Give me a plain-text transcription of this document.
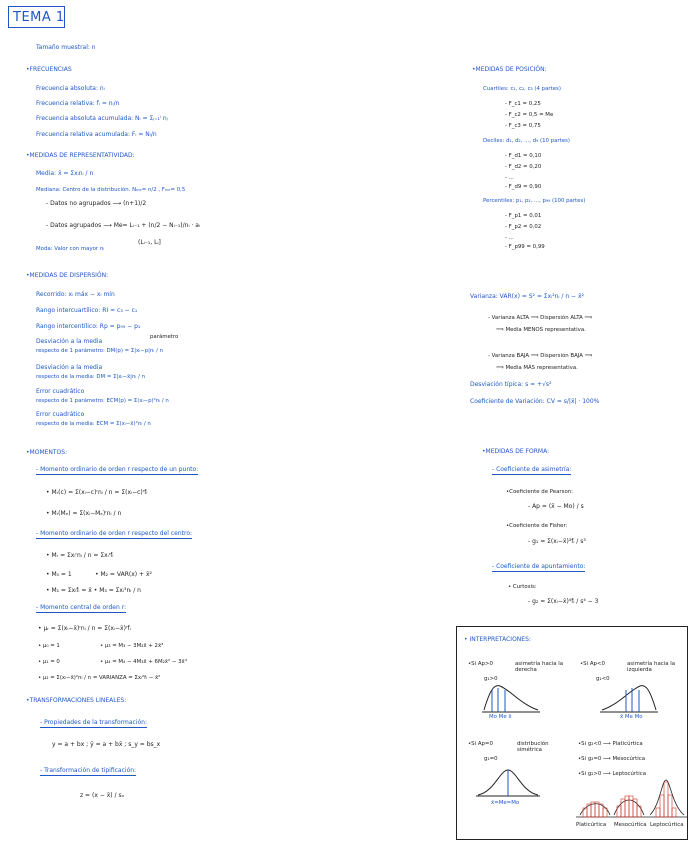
TEMA 1
Tamaño muestral: n
•FRECUENCIAS
Frecuencia absoluta: nᵢ
Frecuencia relativa: fᵢ = nᵢ/n
Frecuencia absoluta acumulada: Nᵢ = Σⱼ₌₁ⁱ nⱼ
Frecuencia relativa acumulada: Fᵢ = Nᵢ/n
•MEDIDAS DE REPRESENTATIVIDAD:
Media: x̄ = Σxᵢnᵢ / n
Mediana: Centro de la distribución. Nₘₑ= n/2 , Fₘₑ= 0,5
- Datos no agrupados ⟶ (n+1)/2
- Datos agrupados ⟶ Me= Lᵢ₋₁ + (n/2 − Nᵢ₋₁)/nᵢ · aᵢ
(Lᵢ₋₁, Lᵢ]
Moda: Valor con mayor nᵢ
•MEDIDAS DE DISPERSIÓN:
Recorrido: xᵢ máx − xᵢ mín
Rango intercuartílico: RI = c₃ − c₁
Rango intercentílico: Rp = p₉₉ − p₁
parámetro
Desviación a la media
respecto de 1 parámetro: DM(p) = Σ|xᵢ−p|nᵢ / n
Desviación a la media
respecto de la media: DM = Σ|xᵢ−x̄|nᵢ / n
Error cuadrático
respecto de 1 parámetro: ECM(p) = Σ(xᵢ−p)²nᵢ / n
Error cuadrático
respecto de la media: ECM = Σ(xᵢ−x̄)²nᵢ / n
•MOMENTOS:
- Momento ordinario de orden r respecto de un punto:
• Mᵣ(c) = Σ(xᵢ−c)ʳnᵢ / n = Σ(xᵢ−c)ʳfᵢ
• Mᵣ(Mₑ) = Σ(xᵢ−Mₑ)ʳnᵢ / n
- Momento ordinario de orden r respecto del centro:
• Mᵣ = Σxᵢʳnᵢ / n = Σxᵢʳfᵢ
• M₀ = 1	• M₂ = VAR(x) + x̄²
• M₁ = Σxᵢfᵢ = x̄ • M₃ = Σxᵢ³nᵢ / n
- Momento central de orden r:
• μᵣ = Σ(xᵢ−x̄)ʳnᵢ / n = Σ(xᵢ−x̄)ʳfᵢ
• μ₀ = 1	• μ₃ = M₃ − 3M₂x̄ + 2x̄³
• μ₁ = 0	• μ₄ = M₄ − 4M₃x̄ + 6M₂x̄² − 3x̄⁴
• μ₂ = Σ(xᵢ−x̄)²nᵢ / n = VARIANZA = Σxᵢ²fᵢ − x̄²
•TRANSFORMACIONES LINEALES:
- Propiedades de la transformación:
y = a + bx ; ȳ = a + bx̄ ; s_y = bs_x
- Transformación de tipificación:
z = (x − x̄) / sₓ
•MEDIDAS DE POSICIÓN:
Cuartiles: c₁, c₂, c₃ (4 partes)
- F_c1 = 0,25
- F_c2 = 0,5 = Me
- F_c3 = 0,75
Deciles: d₁, d₂, ..., d₉ (10 partes)
- F_d1 = 0,10
- F_d2 = 0,20
- ...
- F_d9 = 0,90
Percentiles: p₁, p₂, ..., p₉₉ (100 partes)
- F_p1 = 0,01
- F_p2 = 0,02
- ...
- F_p99 = 0,99
Varianza: VAR(x) = S² = Σxᵢ²nᵢ / n − x̄²
- Varianza ALTA ⟹ Dispersión ALTA ⟹
⟹ Media MENOS representativa.
- Varianza BAJA ⟹ Dispersión BAJA ⟹
⟹ Media MÁS representativa.
Desviación típica: s = +√s²
Coeficiente de Variación: CV = s/|x̄| · 100%
•MEDIDAS DE FORMA:
- Coeficiente de asimetría:
•Coeficiente de Pearson:
- Ap = (x̄ − Mo) / s
•Coeficiente de Fisher:
- g₁ = Σ(xᵢ−x̄)³fᵢ / s³
- Coeficiente de apuntamiento:
• Curtosis:
- g₂ = Σ(xᵢ−x̄)⁴fᵢ / s⁴ − 3
• INTERPRETACIONES:
•Si Ap>0
g₁>0
asimetría hacia la derecha
Mo Me x̄
•Si Ap<0
g₁<0
asimetría hacia la izquierda
x̄ Me Mo
•Si Ap=0
g₁=0
distribución simétrica
x̄=Me=Mo
•Si g₂<0 ⟶ Platicúrtica
•Si g₂=0 ⟶ Mesocúrtica
•Si g₂>0 ⟶ Leptocúrtica
Platicúrtica Mesocúrtica Leptocúrtica
